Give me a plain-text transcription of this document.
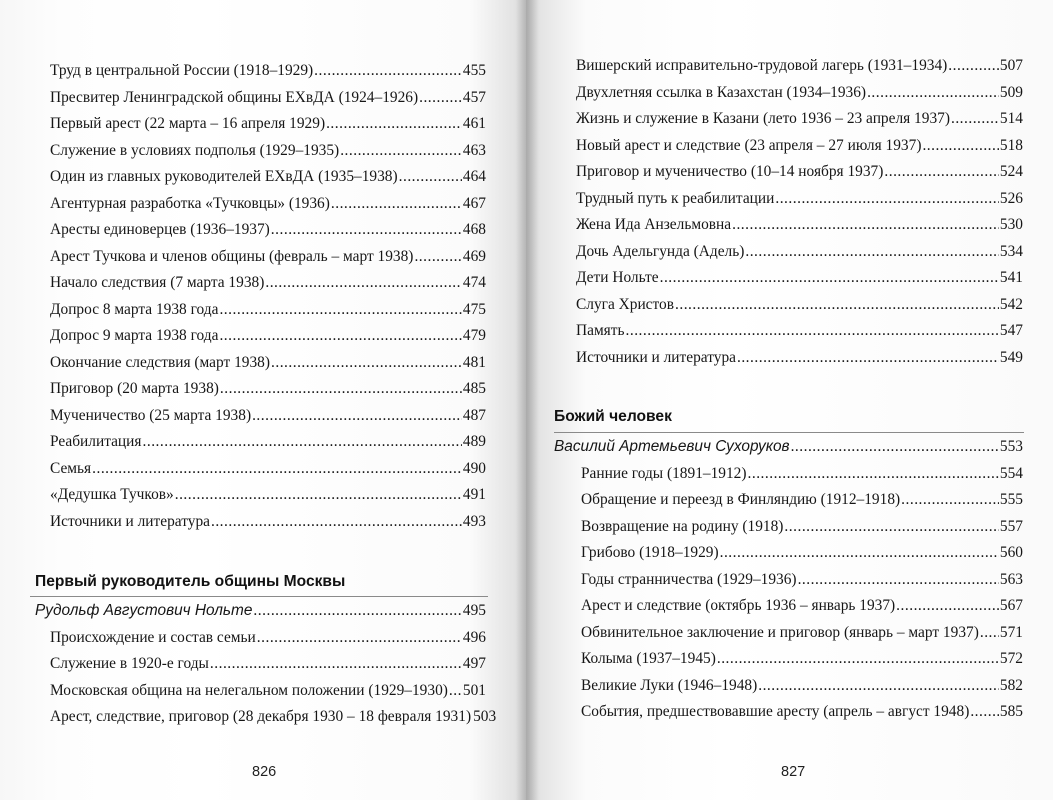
Труд в центральной России (1918–1929) .....	455
Пресвитер Ленинградской общины ЕХвДА (1924–1926) .....	457
Первый арест (22 марта – 16 апреля 1929) .....	461
Служение в условиях подполья (1929–1935) .....	463
Один из главных руководителей ЕХвДА (1935–1938) .....	464
Агентурная разработка «Тучковцы» (1936) .....	467
Аресты единоверцев (1936–1937) .....	468
Арест Тучкова и членов общины (февраль – март 1938) .....	469
Начало следствия (7 марта 1938) .....	474
Допрос 8 марта 1938 года .....	475
Допрос 9 марта 1938 года .....	479
Окончание следствия (март 1938) .....	481
Приговор (20 марта 1938) .....	485
Мученичество (25 марта 1938) .....	487
Реабилитация .....	489
Семья .....	490
«Дедушка Тучков» .....	491
Источники и литература .....	493
Первый руководитель общины Москвы
Рудольф Августович Нольте .....	495
Происхождение и состав семьи .....	496
Служение в 1920-е годы .....	497
Московская община на нелегальном положении (1929–1930) ..... 501
Арест, следствие, приговор (28 декабря 1930 – 18 февраля 1931) 503
826
Вишерский исправительно-трудовой лагерь (1931–1934) .....	507
Двухлетняя ссылка в Казахстан (1934–1936) .....	509
Жизнь и служение в Казани (лето 1936 – 23 апреля 1937) .....	514
Новый арест и следствие (23 апреля – 27 июля 1937) .....	518
Приговор и мученичество (10–14 ноября 1937) .....	524
Трудный путь к реабилитации .....	526
Жена Ида Анзельмовна .....	530
Дочь Адельгунда (Адель) .....	534
Дети Нольте .....	541
Слуга Христов .....	542
Память .....	547
Источники и литература .....	549
Божий человек
Василий Артемьевич Сухоруков .....	553
Ранние годы (1891–1912) .....	554
Обращение и переезд в Финляндию (1912–1918) .....	555
Возвращение на родину (1918) .....	557
Грибово (1918–1929) .....	560
Годы странничества (1929–1936) .....	563
Арест и следствие (октябрь 1936 – январь 1937) .....	567
Обвинительное заключение и приговор (январь – март 1937) ..... 571
Колыма (1937–1945) .....	572
Великие Луки (1946–1948) .....	582
События, предшествовавшие аресту (апрель – август 1948) ..... 585
827
